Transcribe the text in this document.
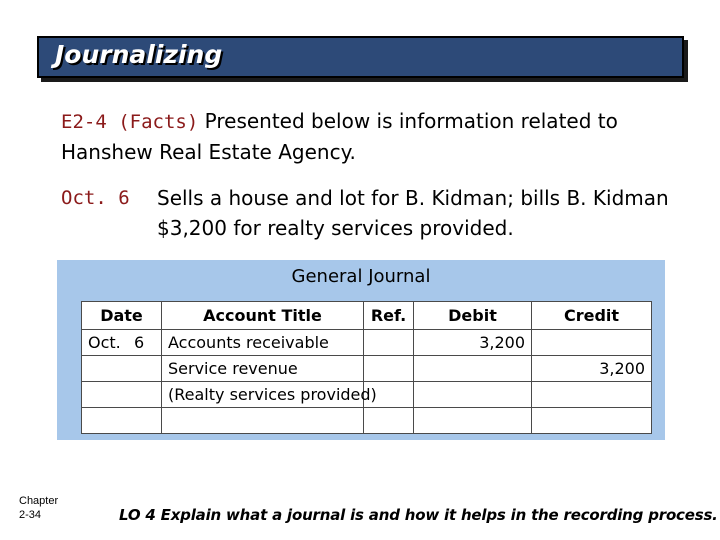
Journalizing
E2-4 (Facts) Presented below is information related to Hanshew Real Estate Agency.
Oct. 6 Sells a house and lot for B. Kidman; bills B. Kidman $3,200 for realty services provided.
General Journal
Date	Account Title	Ref.	Debit	Credit
Oct. 6	Accounts receivable		3,200	
	Service revenue			3,200
	(Realty services provided)			

Chapter
2-34	LO 4 Explain what a journal is and how it helps in the recording process.
